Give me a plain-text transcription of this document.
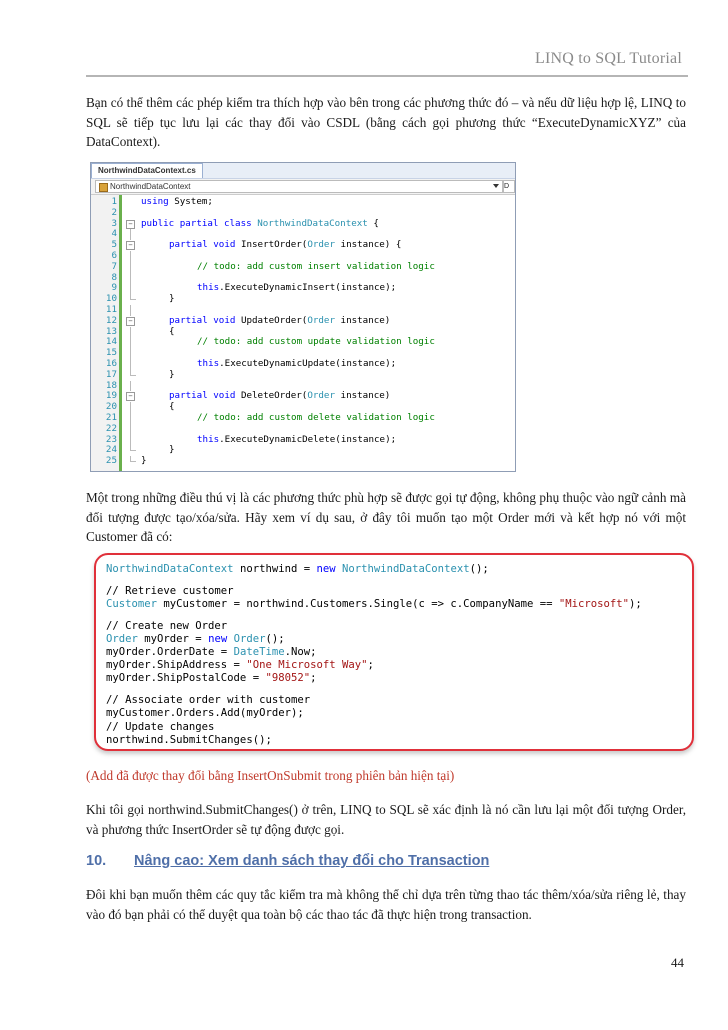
LINQ to SQL Tutorial

Bạn có thể thêm các phép kiểm tra thích hợp vào bên trong các phương thức đó – và nếu dữ liệu hợp lệ, LINQ to SQL sẽ tiếp tục lưu lại các thay đổi vào CSDL (bằng cách gọi phương thức “ExecuteDynamicXYZ” của DataContext).

NorthwindDataContext.cs
NorthwindDataContext	D
1	using System;
2
3	− public partial class NorthwindDataContext {
4
5	−	partial void InsertOrder(Order instance) {
6
7	// todo: add custom insert validation logic
8
9	this.ExecuteDynamicInsert(instance);
10	}
11
12	−	partial void UpdateOrder(Order instance)
13	{
14	// todo: add custom update validation logic
15
16	this.ExecuteDynamicUpdate(instance);
17	}
18
19	−	partial void DeleteOrder(Order instance)
20	{
21	// todo: add custom delete validation logic
22
23	this.ExecuteDynamicDelete(instance);
24	}
25	}

Một trong những điều thú vị là các phương thức phù hợp sẽ được gọi tự động, không phụ thuộc vào ngữ cảnh mà đối tượng được tạo/xóa/sửa. Hãy xem ví dụ sau, ở đây tôi muốn tạo một Order mới và kết hợp nó với một Customer đã có:

NorthwindDataContext northwind = new NorthwindDataContext();
// Retrieve customer
Customer myCustomer = northwind.Customers.Single(c => c.CompanyName == "Microsoft");
// Create new Order
Order myOrder = new Order();
myOrder.OrderDate = DateTime.Now;
myOrder.ShipAddress = "One Microsoft Way";
myOrder.ShipPostalCode = "98052";
// Associate order with customer
myCustomer.Orders.Add(myOrder);
// Update changes
northwind.SubmitChanges();
(Add đã được thay đổi bằng InsertOnSubmit trong phiên bản hiện tại)

Khi tôi gọi northwind.SubmitChanges() ở trên, LINQ to SQL sẽ xác định là nó cần lưu lại một đối tượng Order, và phương thức InsertOrder sẽ tự động được gọi.

10. Nâng cao: Xem danh sách thay đổi cho Transaction

Đôi khi bạn muốn thêm các quy tắc kiểm tra mà không thể chỉ dựa trên từng thao tác thêm/xóa/sửa riêng lẻ, thay vào đó bạn phải có thể duyệt qua toàn bộ các thao tác đã thực hiện trong transaction.

44
